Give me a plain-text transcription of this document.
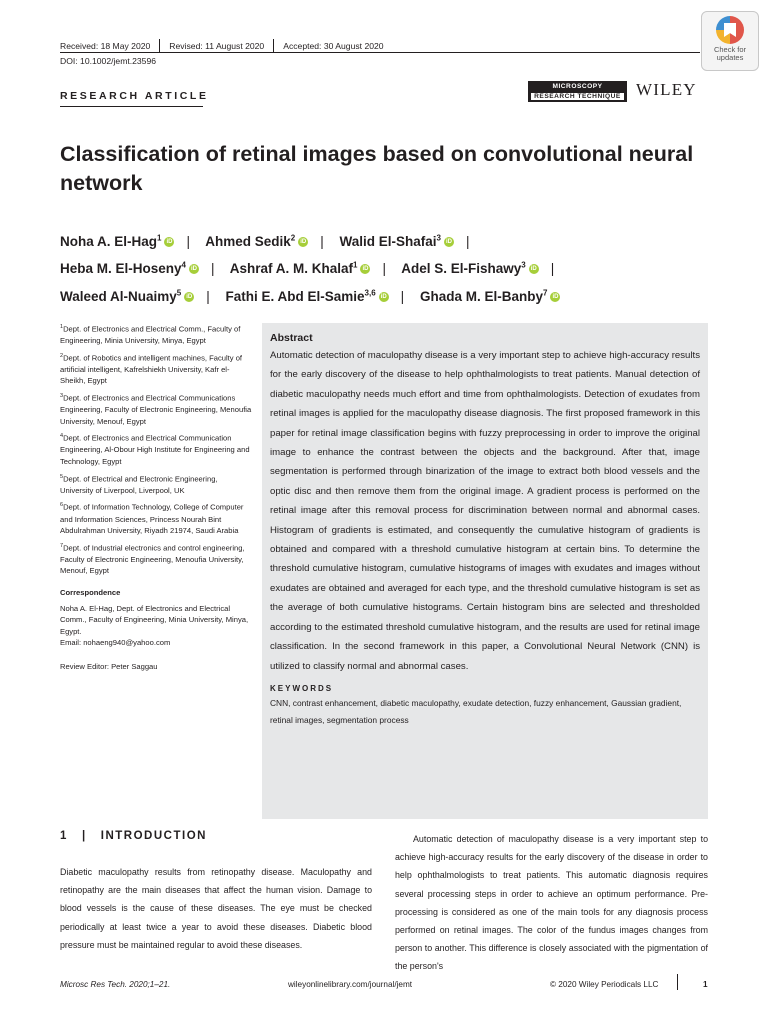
Received: 18 May 2020	Revised: 11 August 2020	Accepted: 30 August 2020
DOI: 10.1002/jemt.23596
Check for
updates
RESEARCH ARTICLE
MICROSCOPY
RESEARCH TECHNIQUE WILEY
Classification of retinal images based on convolutional neural network
Noha A. El-Hag$^1$ iD | Ahmed Sedik$^2$ iD | Walid El-Shafai$^3$ iD |
Heba M. El-Hoseny$^4$ iD | Ashraf A. M. Khalaf$^1$ iD | Adel S. El-Fishawy$^3$ iD |
Waleed Al-Nuaimy$^5$ iD | Fathi E. Abd El-Samie$^{3,6}$ iD | Ghada M. El-Banby$^7$ iD

$^1$Dept. of Electronics and Electrical Comm., Faculty of Engineering, Minia University, Minya, Egypt

$^2$Dept. of Robotics and intelligent machines, Faculty of artificial intelligent, Kafrelshiekh University, Kafr el-Sheikh, Egypt

$^3$Dept. of Electronics and Electrical Communications Engineering, Faculty of Electronic Engineering, Menoufia University, Menouf, Egypt

$^4$Dept. of Electronics and Electrical Communication Engineering, Al-Obour High Institute for Engineering and Technology, Egypt

$^5$Dept. of Electrical and Electronic Engineering, University of Liverpool, Liverpool, UK

$^6$Dept. of Information Technology, College of Computer and Information Sciences, Princess Nourah Bint Abdulrahman University, Riyadh 21974, Saudi Arabia

$^7$Dept. of Industrial electronics and control engineering, Faculty of Electronic Engineering, Menoufia University, Menouf, Egypt

Correspondence

Noha A. El-Hag, Dept. of Electronics and Electrical Comm., Faculty of Engineering, Minia University, Minya, Egypt.
Email: nohaeng940@yahoo.com

Review Editor: Peter Saggau

Abstract

Automatic detection of maculopathy disease is a very important step to achieve high-accuracy results for the early discovery of the disease to help ophthalmologists to treat patients. Manual detection of diabetic maculopathy needs much effort and time from ophthalmologists. Detection of exudates from retinal images is applied for the maculopathy disease diagnosis. The first proposed framework in this paper for retinal image classification begins with fuzzy preprocessing in order to improve the original image to enhance the contrast between the objects and the background. After that, image segmentation is performed through binarization of the image to extract both blood vessels and the optic disc and then remove them from the original image. A gradient process is performed on the retinal image after this removal process for discrimination between normal and abnormal cases. Histogram of gradients is estimated, and consequently the cumulative histogram of gradients is obtained and compared with a threshold cumulative histogram at certain bins. To determine the threshold cumulative histogram, cumulative histograms of images with exudates and images without exudates are obtained and averaged for each type, and the threshold cumulative histogram is set as the average of both cumulative histograms. Certain histogram bins are selected and thresholded according to the estimated threshold cumulative histogram, and the results are used for retinal image classification. In the second framework in this paper, a Convolutional Neural Network (CNN) is utilized to classify normal and abnormal cases.

KEYWORDS
CNN, contrast enhancement, diabetic maculopathy, exudate detection, fuzzy enhancement, Gaussian gradient, retinal images, segmentation process
1   |   INTRODUCTION

Diabetic maculopathy results from retinopathy disease. Maculopathy and retinopathy are the main diseases that affect the human vision. Damage to blood vessels is the cause of these diseases. The eye must be checked periodically at least twice a year to avoid these diseases. Diabetic blood pressure must be maintained regular to avoid these diseases.

Automatic detection of maculopathy disease is a very important step to achieve high-accuracy results for the early discovery of the disease in order to help ophthalmologists to treat patients. This automatic diagnosis requires several processing steps in order to achieve an optimum performance. Pre-processing is considered as one of the main tools for any diagnosis process performed on retinal images. The color of the fundus images changes from person to another. This difference is closely associated with the pigmentation of the person's

Microsc Res Tech. 2020;1–21.	wileyonlinelibrary.com/journal/jemt	© 2020 Wiley Periodicals LLC	1
